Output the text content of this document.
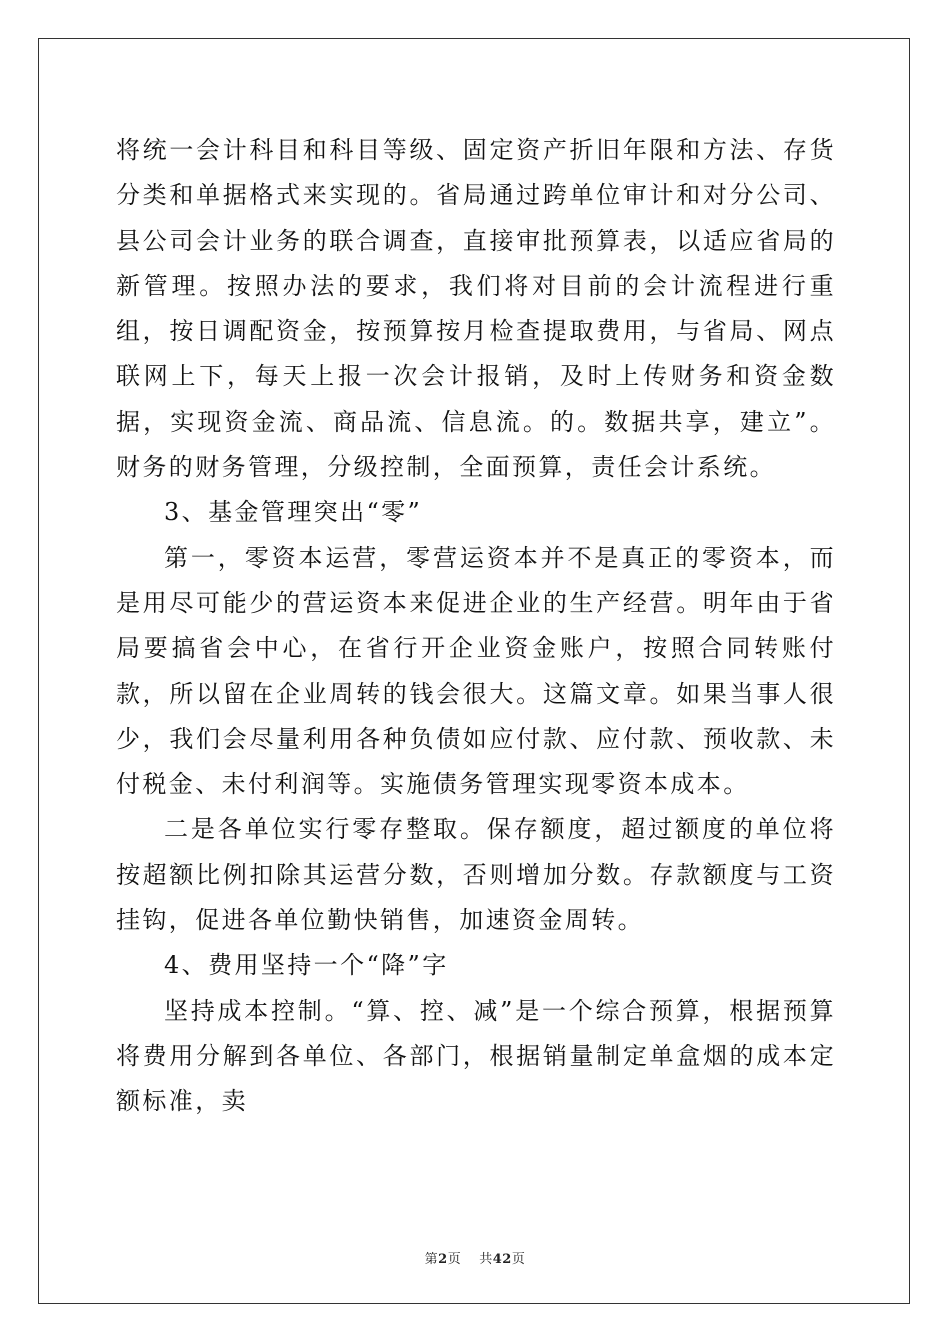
将统一会计科目和科目等级、固定资产折旧年限和方法、存货分类和单据格式来实现的。省局通过跨单位审计和对分公司、县公司会计业务的联合调查，直接审批预算表，以适应省局的新管理。按照办法的要求，我们将对目前的会计流程进行重组，按日调配资金，按预算按月检查提取费用，与省局、网点联网上下，每天上报一次会计报销，及时上传财务和资金数据，实现资金流、商品流、信息流。的。数据共享，建立”。财务的财务管理，分级控制，全面预算，责任会计系统。

3、基金管理突出“零”

第一，零资本运营，零营运资本并不是真正的零资本，而是用尽可能少的营运资本来促进企业的生产经营。明年由于省局要搞省会中心，在省行开企业资金账户，按照合同转账付款，所以留在企业周转的钱会很大。这篇文章。如果当事人很少，我们会尽量利用各种负债如应付款、应付款、预收款、未付税金、未付利润等。实施债务管理实现零资本成本。

二是各单位实行零存整取。保存额度，超过额度的单位将按超额比例扣除其运营分数，否则增加分数。存款额度与工资挂钩，促进各单位勤快销售，加速资金周转。

4、费用坚持一个“降”字

坚持成本控制。“算、控、减”是一个综合预算，根据预算将费用分解到各单位、各部门，根据销量制定单盒烟的成本定额标准，卖

第2页 共42页
